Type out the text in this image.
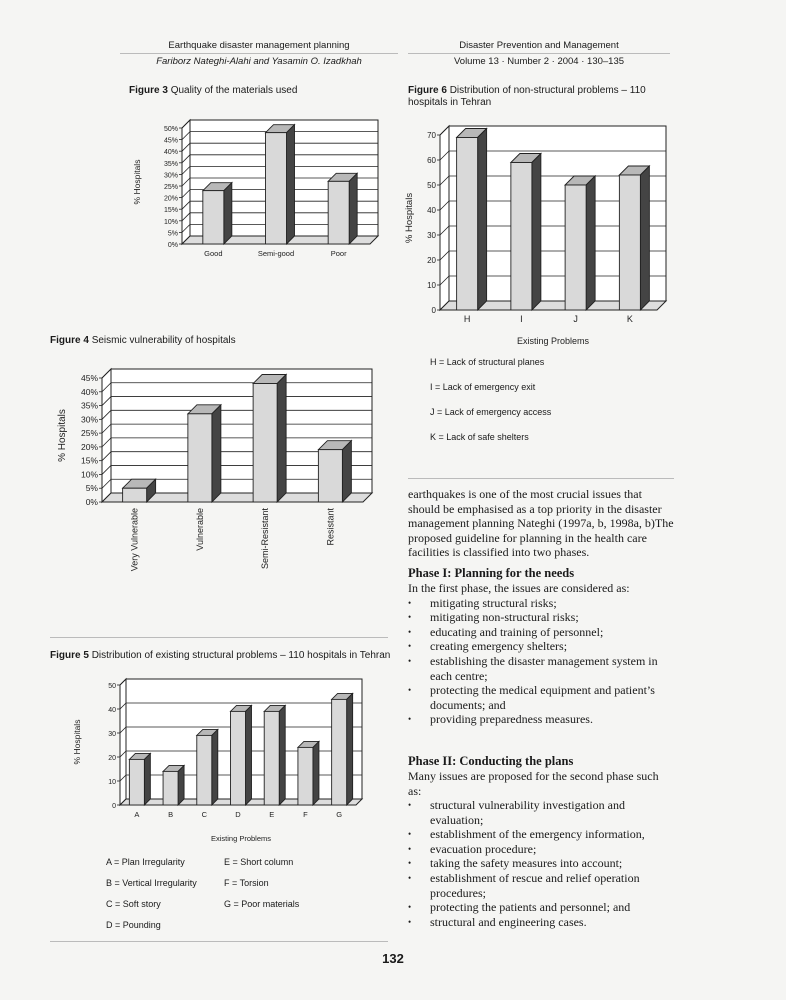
Earthquake disaster management planning
Fariborz Nateghi-Alahi and Yasamin O. Izadkhah
Disaster Prevention and Management
Volume 13 · Number 2 · 2004 · 130–135
Figure 3 Quality of the materials used
0%
5%
10%
15%
20%
25%
30%
35%
40%
45%
50%
% Hospitals
Good	Semi-good	Poor
Figure 6 Distribution of non-structural problems – 110 hospitals in Tehran
0
10
20
30
40
50
60
70
% Hospitals
H	I	J	K
Existing Problems
H = Lack of structural planes
I = Lack of emergency exit
J = Lack of emergency access
K = Lack of safe shelters
Figure 4 Seismic vulnerability of hospitals
0%
5%
10%
15%
20%
25%
30%
35%
40%
45%
% Hospitals
Very Vulnerable	Vulnerable	Semi-Resistant	Resistant
Figure 5 Distribution of existing structural problems – 110 hospitals in Tehran
0
10
20
30
40
50
% Hospitals
A	B	C	D	E	F	G
Existing Problems
A = Plan Irregularity
B = Vertical Irregularity
C = Soft story
D = Pounding
E = Short column
F = Torsion
G = Poor materials

earthquakes is one of the most crucial issues that should be emphasised as a top priority in the disaster management planning Nateghi (1997a, b, 1998a, b)The proposed guideline for planning in the health care facilities is classified into two phases.

Phase I: Planning for the needs

In the first phase, the issues are considered as:

• mitigating structural risks;
• mitigating non-structural risks;
• educating and training of personnel;
• creating emergency shelters;
• establishing the disaster management system in each centre;
• protecting the medical equipment and patient’s documents; and
• providing preparedness measures.
Phase II: Conducting the plans

Many issues are proposed for the second phase such as:

• structural vulnerability investigation and evaluation;
• establishment of the emergency information,
• evacuation procedure;
• taking the safety measures into account;
• establishment of rescue and relief operation procedures;
• protecting the patients and personnel; and
• structural and engineering cases.
132
